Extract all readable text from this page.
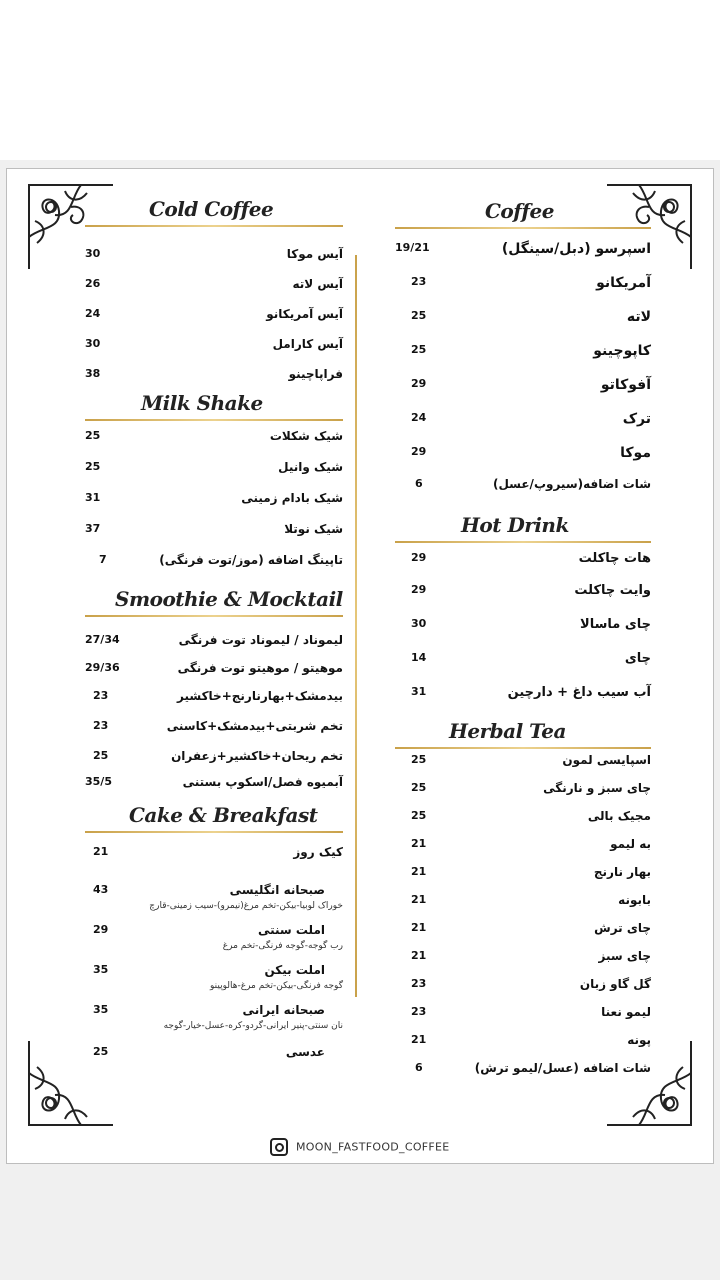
Cold Coffee
آیس موکا
30
آیس لاته
26
آیس آمریکانو
24
آیس کارامل
30
فراپاچینو
38
Milk Shake
شیک شکلات
25
شیک وانیل
25
شیک بادام زمینی
31
شیک نوتلا
37
تاپینگ اضافه (موز/توت فرنگی)
7
Smoothie & Mocktail
لیموناد / لیموناد توت فرنگی
27/34
موهیتو / موهیتو توت فرنگی
29/36
بیدمشک+بهارنارنج+خاکشیر
23
تخم شربتی+بیدمشک+کاسنی
23
تخم ریحان+خاکشیر+زعفران
25
آبمیوه فصل/اسکوپ بستنی
35/5
Cake & Breakfast
کیک روز
21
صبحانه انگلیسی
43
خوراک لوبیا-بیکن-تخم مرغ(نیمرو)-سیب زمینی-قارچ
املت سنتی
29
رب گوجه-گوجه فرنگی-تخم مرغ
املت بیکن
35
گوجه فرنگی-بیکن-تخم مرغ-هالوپینو
صبحانه ایرانی
35
نان سنتی-پنیر ایرانی-گردو-کره-عسل-خیار-گوجه
عدسی
25
Coffee
اسپرسو (دبل/سینگل)
19/21
آمریکانو
23
لاته
25
کاپوچینو
25
آفوکاتو
29
ترک
24
موکا
29
شات اضافه(سیروپ/عسل)
6
Hot Drink
هات چاکلت
29
وایت چاکلت
29
چای ماسالا
30
چای
14
آب سیب داغ + دارچین
31
Herbal Tea
اسپایسی لمون
25
چای سبز و نارنگی
25
مجیک بالی
25
به لیمو
21
بهار نارنج
21
بابونه
21
چای ترش
21
چای سبز
21
گل گاو زبان
23
لیمو نعنا
23
پونه
21
شات اضافه (عسل/لیمو ترش)
6
MOON_FASTFOOD_COFFEE
